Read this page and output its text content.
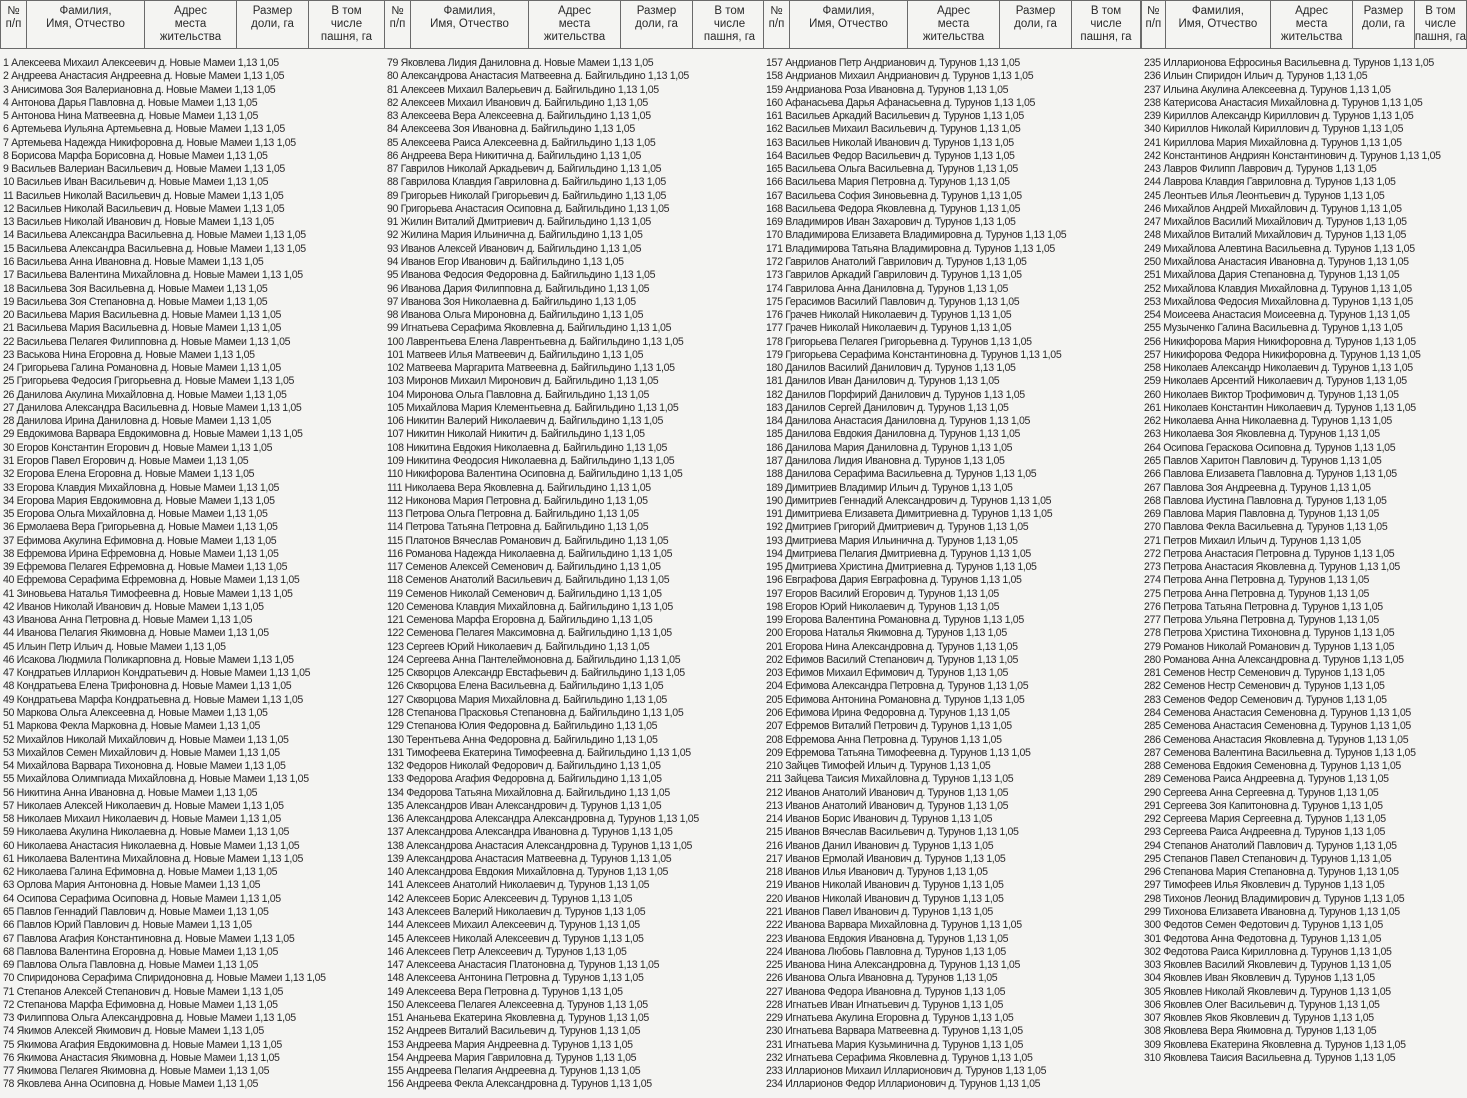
№
п/п
Фамилия,
Имя, Отчество
Адрес
места
жительства
Размер
доли, га
В том
числе
пашня, га
1 Алексеева Михаил Алексеевич д. Новые Мамеи 1,13 1,05
2 Андреева Анастасия Андреевна д. Новые Мамеи 1,13 1,05
3 Анисимова Зоя Валериановна д. Новые Мамеи 1,13 1,05
4 Антонова Дарья Павловна д. Новые Мамеи 1,13 1,05
5 Антонова Нина Матвеевна д. Новые Мамеи 1,13 1,05
6 Артемьева Иульяна Артемьевна д. Новые Мамеи 1,13 1,05
7 Артемьева Надежда Никифоровна д. Новые Мамеи 1,13 1,05
8 Борисова Марфа Борисовна д. Новые Мамеи 1,13 1,05
9 Васильев Валериан Васильевич д. Новые Мамеи 1,13 1,05
10 Васильев Иван Васильевич д. Новые Мамеи 1,13 1,05
11 Васильев Николай Васильевич д. Новые Мамеи 1,13 1,05
12 Васильев Николай Васильевич д. Новые Мамеи 1,13 1,05
13 Васильев Николай Иванович д. Новые Мамеи 1,13 1,05
14 Васильева Александра Васильевна д. Новые Мамеи 1,13 1,05
15 Васильева Александра Васильевна д. Новые Мамеи 1,13 1,05
16 Васильева Анна Ивановна д. Новые Мамеи 1,13 1,05
17 Васильева Валентина Михайловна д. Новые Мамеи 1,13 1,05
18 Васильева Зоя Васильевна д. Новые Мамеи 1,13 1,05
19 Васильева Зоя Степановна д. Новые Мамеи 1,13 1,05
20 Васильева Мария Васильевна д. Новые Мамеи 1,13 1,05
21 Васильева Мария Васильевна д. Новые Мамеи 1,13 1,05
22 Васильева Пелагея Филипповна д. Новые Мамеи 1,13 1,05
23 Васькова Нина Егоровна д. Новые Мамеи 1,13 1,05
24 Григорьева Галина Романовна д. Новые Мамеи 1,13 1,05
25 Григорьева Федосия Григорьевна д. Новые Мамеи 1,13 1,05
26 Данилова Акулина Михайловна д. Новые Мамеи 1,13 1,05
27 Данилова Александра Васильевна д. Новые Мамеи 1,13 1,05
28 Данилова Ирина Даниловна д. Новые Мамеи 1,13 1,05
29 Евдокимова Варвара Евдокимовна д. Новые Мамеи 1,13 1,05
30 Егоров Константин Егорович д. Новые Мамеи 1,13 1,05
31 Егоров Павел Егорович д. Новые Мамеи 1,13 1,05
32 Егорова Елена Егоровна д. Новые Мамеи 1,13 1,05
33 Егорова Клавдия Михайловна д. Новые Мамеи 1,13 1,05
34 Егорова Мария Евдокимовна д. Новые Мамеи 1,13 1,05
35 Егорова Ольга Михайловна д. Новые Мамеи 1,13 1,05
36 Ермолаева Вера Григорьевна д. Новые Мамеи 1,13 1,05
37 Ефимова Акулина Ефимовна д. Новые Мамеи 1,13 1,05
38 Ефремова Ирина Ефремовна д. Новые Мамеи 1,13 1,05
39 Ефремова Пелагея Ефремовна д. Новые Мамеи 1,13 1,05
40 Ефремова Серафима Ефремовна д. Новые Мамеи 1,13 1,05
41 Зиновьева Наталья Тимофеевна д. Новые Мамеи 1,13 1,05
42 Иванов Николай Иванович д. Новые Мамеи 1,13 1,05
43 Иванова Анна Петровна д. Новые Мамеи 1,13 1,05
44 Иванова Пелагия Якимовна д. Новые Мамеи 1,13 1,05
45 Ильин Петр Ильич д. Новые Мамеи 1,13 1,05
46 Исакова Людмила Поликарповна д. Новые Мамеи 1,13 1,05
47 Кондратьев Илларион Кондратьевич д. Новые Мамеи 1,13 1,05
48 Кондратьева Елена Трифоновна д. Новые Мамеи 1,13 1,05
49 Кондратьева Марфа Кондратьевна д. Новые Мамеи 1,13 1,05
50 Маркова Ольга Алексеевна д. Новые Мамеи 1,13 1,05
51 Маркова Фекла Марковна д. Новые Мамеи 1,13 1,05
52 Михайлов Николай Михайлович д. Новые Мамеи 1,13 1,05
53 Михайлов Семен Михайлович д. Новые Мамеи 1,13 1,05
54 Михайлова Варвара Тихоновна д. Новые Мамеи 1,13 1,05
55 Михайлова Олимпиада Михайловна д. Новые Мамеи 1,13 1,05
56 Никитина Анна Ивановна д. Новые Мамеи 1,13 1,05
57 Николаев Алексей Николаевич д. Новые Мамеи 1,13 1,05
58 Николаев Михаил Николаевич д. Новые Мамеи 1,13 1,05
59 Николаева Акулина Николаевна д. Новые Мамеи 1,13 1,05
60 Николаева Анастасия Николаевна д. Новые Мамеи 1,13 1,05
61 Николаева Валентина Михайловна д. Новые Мамеи 1,13 1,05
62 Николаева Галина Ефимовна д. Новые Мамеи 1,13 1,05
63 Орлова Мария Антоновна д. Новые Мамеи 1,13 1,05
64 Осипова Серафима Осиповна д. Новые Мамеи 1,13 1,05
65 Павлов Геннадий Павлович д. Новые Мамеи 1,13 1,05
66 Павлов Юрий Павлович д. Новые Мамеи 1,13 1,05
67 Павлова Агафия Константиновна д. Новые Мамеи 1,13 1,05
68 Павлова Валентина Егоровна д. Новые Мамеи 1,13 1,05
69 Павлова Ольга Павловна д. Новые Мамеи 1,13 1,05
70 Спиридонова Серафима Спиридоновна д. Новые Мамеи 1,13 1,05
71 Степанов Алексей Степанович д. Новые Мамеи 1,13 1,05
72 Степанова Марфа Ефимовна д. Новые Мамеи 1,13 1,05
73 Филиппова Ольга Александровна д. Новые Мамеи 1,13 1,05
74 Якимов Алексей Якимович д. Новые Мамеи 1,13 1,05
75 Якимова Агафия Евдокимовна д. Новые Мамеи 1,13 1,05
76 Якимова Анастасия Якимовна д. Новые Мамеи 1,13 1,05
77 Якимова Пелагея Якимовна д. Новые Мамеи 1,13 1,05
78 Яковлева Анна Осиповна д. Новые Мамеи 1,13 1,05
№
п/п
Фамилия,
Имя, Отчество
Адрес
места
жительства
Размер
доли, га
В том
числе
пашня, га
79 Яковлева Лидия Даниловна д. Новые Мамеи 1,13 1,05
80 Александрова Анастасия Матвеевна д. Байгильдино 1,13 1,05
81 Алексеев Михаил Валерьевич д. Байгильдино 1,13 1,05
82 Алексеев Михаил Иванович д. Байгильдино 1,13 1,05
83 Алексеева Вера Алексеевна д. Байгильдино 1,13 1,05
84 Алексеева Зоя Ивановна д. Байгильдино 1,13 1,05
85 Алексеева Раиса Алексеевна д. Байгильдино 1,13 1,05
86 Андреева Вера Никитична д. Байгильдино 1,13 1,05
87 Гаврилов Николай Аркадьевич д. Байгильдино 1,13 1,05
88 Гаврилова Клавдия Гавриловна д. Байгильдино 1,13 1,05
89 Григорьев Николай Григорьевич д. Байгильдино 1,13 1,05
90 Григорьева Анастасия Осиповна д. Байгильдино 1,13 1,05
91 Жилин Виталий Дмитриевич д. Байгильдино 1,13 1,05
92 Жилина Мария Ильинична д. Байгильдино 1,13 1,05
93 Иванов Алексей Иванович д. Байгильдино 1,13 1,05
94 Иванов Егор Иванович д. Байгильдино 1,13 1,05
95 Иванова Федосия Федоровна д. Байгильдино 1,13 1,05
96 Иванова Дария Филипповна д. Байгильдино 1,13 1,05
97 Иванова Зоя Николаевна д. Байгильдино 1,13 1,05
98 Иванова Ольга Мироновна д. Байгильдино 1,13 1,05
99 Игнатьева Серафима Яковлевна д. Байгильдино 1,13 1,05
100 Лаврентьева Елена Лаврентьевна д. Байгильдино 1,13 1,05
101 Матвеев Илья Матвеевич д. Байгильдино 1,13 1,05
102 Матвеева Маргарита Матвеевна д. Байгильдино 1,13 1,05
103 Миронов Михаил Миронович д. Байгильдино 1,13 1,05
104 Миронова Ольга Павловна д. Байгильдино 1,13 1,05
105 Михайлова Мария Клементьевна д. Байгильдино 1,13 1,05
106 Никитин Валерий Николаевич д. Байгильдино 1,13 1,05
107 Никитин Николай Никитич д. Байгильдино 1,13 1,05
108 Никитина Евдокия Николаевна д. Байгильдино 1,13 1,05
109 Никитина Феодосия Николаевна д. Байгильдино 1,13 1,05
110 Никифорова Валентина Осиповна д. Байгильдино 1,13 1,05
111 Николаева Вера Яковлевна д. Байгильдино 1,13 1,05
112 Никонова Мария Петровна д. Байгильдино 1,13 1,05
113 Петрова Ольга Петровна д. Байгильдино 1,13 1,05
114 Петрова Татьяна Петровна д. Байгильдино 1,13 1,05
115 Платонов Вячеслав Романович д. Байгильдино 1,13 1,05
116 Романова Надежда Николаевна д. Байгильдино 1,13 1,05
117 Семенов Алексей Семенович д. Байгильдино 1,13 1,05
118 Семенов Анатолий Васильевич д. Байгильдино 1,13 1,05
119 Семенов Николай Семенович д. Байгильдино 1,13 1,05
120 Семенова Клавдия Михайловна д. Байгильдино 1,13 1,05
121 Семенова Марфа Егоровна д. Байгильдино 1,13 1,05
122 Семенова Пелагея Максимовна д. Байгильдино 1,13 1,05
123 Сергеев Юрий Николаевич д. Байгильдино 1,13 1,05
124 Сергеева Анна Пантелеймоновна д. Байгильдино 1,13 1,05
125 Скворцов Александр Евстафьевич д. Байгильдино 1,13 1,05
126 Скворцова Елена Васильевна д. Байгильдино 1,13 1,05
127 Скворцова Мария Михайловна д. Байгильдино 1,13 1,05
128 Степанова Прасковья Степановна д. Байгильдино 1,13 1,05
129 Степанова Юлия Федоровна д. Байгильдино 1,13 1,05
130 Терентьева Анна Федоровна д. Байгильдино 1,13 1,05
131 Тимофеева Екатерина Тимофеевна д. Байгильдино 1,13 1,05
132 Федоров Николай Федорович д. Байгильдино 1,13 1,05
133 Федорова Агафия Федоровна д. Байгильдино 1,13 1,05
134 Федорова Татьяна Михайловна д. Байгильдино 1,13 1,05
135 Александров Иван Александрович д. Турунов 1,13 1,05
136 Александрова Александра Александровна д. Турунов 1,13 1,05
137 Александрова Александра Ивановна д. Турунов 1,13 1,05
138 Александрова Анастасия Александровна д. Турунов 1,13 1,05
139 Александрова Анастасия Матвеевна д. Турунов 1,13 1,05
140 Александрова Евдокия Михайловна д. Турунов 1,13 1,05
141 Алексеев Анатолий Николаевич д. Турунов 1,13 1,05
142 Алексеев Борис Алексеевич д. Турунов 1,13 1,05
143 Алексеев Валерий Николаевич д. Турунов 1,13 1,05
144 Алексеев Михаил Алексеевич д. Турунов 1,13 1,05
145 Алексеев Николай Алексеевич д. Турунов 1,13 1,05
146 Алексеев Петр Алексеевич д. Турунов 1,13 1,05
147 Алексеева Анастасия Платоновна д. Турунов 1,13 1,05
148 Алексеева Антонина Петровна д. Турунов 1,13 1,05
149 Алексеева Вера Петровна д. Турунов 1,13 1,05
150 Алексеева Пелагея Алексеевна д. Турунов 1,13 1,05
151 Ананьева Екатерина Яковлевна д. Турунов 1,13 1,05
152 Андреев Виталий Васильевич д. Турунов 1,13 1,05
153 Андреева Мария Андреевна д. Турунов 1,13 1,05
154 Андреева Мария Гавриловна д. Турунов 1,13 1,05
155 Андреева Пелагия Андреевна д. Турунов 1,13 1,05
156 Андреева Фекла Александровна д. Турунов 1,13 1,05
№
п/п
Фамилия,
Имя, Отчество
Адрес
места
жительства
Размер
доли, га
В том
числе
пашня, га
157 Андрианов Петр Андрианович д. Турунов 1,13 1,05
158 Андрианов Михаил Андрианович д. Турунов 1,13 1,05
159 Андрианова Роза Ивановна д. Турунов 1,13 1,05
160 Афанасьева Дарья Афанасьевна д. Турунов 1,13 1,05
161 Васильев Аркадий Васильевич д. Турунов 1,13 1,05
162 Васильев Михаил Васильевич д. Турунов 1,13 1,05
163 Васильев Николай Иванович д. Турунов 1,13 1,05
164 Васильев Федор Васильевич д. Турунов 1,13 1,05
165 Васильева Ольга Васильевна д. Турунов 1,13 1,05
166 Васильева Мария Петровна д. Турунов 1,13 1,05
167 Васильева София Зиновьевна д. Турунов 1,13 1,05
168 Васильева Федора Яковлевна д. Турунов 1,13 1,05
169 Владимиров Иван Захарович д. Турунов 1,13 1,05
170 Владимирова Елизавета Владимировна д. Турунов 1,13 1,05
171 Владимирова Татьяна Владимировна д. Турунов 1,13 1,05
172 Гаврилов Анатолий Гаврилович д. Турунов 1,13 1,05
173 Гаврилов Аркадий Гаврилович д. Турунов 1,13 1,05
174 Гаврилова Анна Даниловна д. Турунов 1,13 1,05
175 Герасимов Василий Павлович д. Турунов 1,13 1,05
176 Грачев Николай Николаевич д. Турунов 1,13 1,05
177 Грачев Николай Николаевич д. Турунов 1,13 1,05
178 Григорьева Пелагея Григорьевна д. Турунов 1,13 1,05
179 Григорьева Серафима Константиновна д. Турунов 1,13 1,05
180 Данилов Василий Данилович д. Турунов 1,13 1,05
181 Данилов Иван Данилович д. Турунов 1,13 1,05
182 Данилов Порфирий Данилович д. Турунов 1,13 1,05
183 Данилов Сергей Данилович д. Турунов 1,13 1,05
184 Данилова Анастасия Даниловна д. Турунов 1,13 1,05
185 Данилова Евдокия Даниловна д. Турунов 1,13 1,05
186 Данилова Мария Даниловна д. Турунов 1,13 1,05
187 Данилова Лидия Ивановна д. Турунов 1,13 1,05
188 Данилова Серафима Васильевна д. Турунов 1,13 1,05
189 Димитриев Владимир Ильич д. Турунов 1,13 1,05
190 Димитриев Геннадий Александрович д. Турунов 1,13 1,05
191 Димитриева Елизавета Димитриевна д. Турунов 1,13 1,05
192 Дмитриев Григорий Дмитриевич д. Турунов 1,13 1,05
193 Дмитриева Мария Ильинична д. Турунов 1,13 1,05
194 Дмитриева Пелагия Дмитриевна д. Турунов 1,13 1,05
195 Дмитриева Христина Дмитриевна д. Турунов 1,13 1,05
196 Евграфова Дария Евграфовна д. Турунов 1,13 1,05
197 Егоров Василий Егорович д. Турунов 1,13 1,05
198 Егоров Юрий Николаевич д. Турунов 1,13 1,05
199 Егорова Валентина Романовна д. Турунов 1,13 1,05
200 Егорова Наталья Якимовна д. Турунов 1,13 1,05
201 Егорова Нина Александровна д. Турунов 1,13 1,05
202 Ефимов Василий Степанович д. Турунов 1,13 1,05
203 Ефимов Михаил Ефимович д. Турунов 1,13 1,05
204 Ефимова Александра Петровна д. Турунов 1,13 1,05
205 Ефимова Антонина Романовна д. Турунов 1,13 1,05
206 Ефимова Ирина Федоровна д. Турунов 1,13 1,05
207 Ефремов Виталий Петрович д. Турунов 1,13 1,05
208 Ефремова Анна Петровна д. Турунов 1,13 1,05
209 Ефремова Татьяна Тимофеевна д. Турунов 1,13 1,05
210 Зайцев Тимофей Ильич д. Турунов 1,13 1,05
211 Зайцева Таисия Михайловна д. Турунов 1,13 1,05
212 Иванов Анатолий Иванович д. Турунов 1,13 1,05
213 Иванов Анатолий Иванович д. Турунов 1,13 1,05
214 Иванов Борис Иванович д. Турунов 1,13 1,05
215 Иванов Вячеслав Васильевич д. Турунов 1,13 1,05
216 Иванов Данил Иванович д. Турунов 1,13 1,05
217 Иванов Ермолай Иванович д. Турунов 1,13 1,05
218 Иванов Илья Иванович д. Турунов 1,13 1,05
219 Иванов Николай Иванович д. Турунов 1,13 1,05
220 Иванов Николай Иванович д. Турунов 1,13 1,05
221 Иванов Павел Иванович д. Турунов 1,13 1,05
222 Иванова Варвара Михайловна д. Турунов 1,13 1,05
223 Иванова Евдокия Ивановна д. Турунов 1,13 1,05
224 Иванова Любовь Павловна д. Турунов 1,13 1,05
225 Иванова Нина Александровна д. Турунов 1,13 1,05
226 Иванова Ольга Ивановна д. Турунов 1,13 1,05
227 Иванова Федора Ивановна д. Турунов 1,13 1,05
228 Игнатьев Иван Игнатьевич д. Турунов 1,13 1,05
229 Игнатьева Акулина Егоровна д. Турунов 1,13 1,05
230 Игнатьева Варвара Матвеевна д. Турунов 1,13 1,05
231 Игнатьева Мария Кузьминична д. Турунов 1,13 1,05
232 Игнатьева Серафима Яковлевна д. Турунов 1,13 1,05
233 Илларионов Михаил Илларионович д. Турунов 1,13 1,05
234 Илларионов Федор Илларионович д. Турунов 1,13 1,05
№
п/п
Фамилия,
Имя, Отчество
Адрес
места
жительства
Размер
доли, га
В том
числе
пашня, га
235 Илларионова Ефросинья Васильевна д. Турунов 1,13 1,05
236 Ильин Спиридон Ильич д. Турунов 1,13 1,05
237 Ильина Акулина Алексеевна д. Турунов 1,13 1,05
238 Катерисова Анастасия Михайловна д. Турунов 1,13 1,05
239 Кириллов Александр Кириллович д. Турунов 1,13 1,05
340 Кириллов Николай Кириллович д. Турунов 1,13 1,05
241 Кириллова Мария Михайловна д. Турунов 1,13 1,05
242 Константинов Андриян Константинович д. Турунов 1,13 1,05
243 Лавров Филипп Лаврович д. Турунов 1,13 1,05
244 Лаврова Клавдия Гавриловна д. Турунов 1,13 1,05
245 Леонтьев Илья Леонтьевич д. Турунов 1,13 1,05
246 Михайлов Андрей Михайлович д. Турунов 1,13 1,05
247 Михайлов Василий Михайлович д. Турунов 1,13 1,05
248 Михайлов Виталий Михайлович д. Турунов 1,13 1,05
249 Михайлова Алевтина Васильевна д. Турунов 1,13 1,05
250 Михайлова Анастасия Ивановна д. Турунов 1,13 1,05
251 Михайлова Дария Степановна д. Турунов 1,13 1,05
252 Михайлова Клавдия Михайловна д. Турунов 1,13 1,05
253 Михайлова Федосия Михайловна д. Турунов 1,13 1,05
254 Моисеева Анастасия Моисеевна д. Турунов 1,13 1,05
255 Музыченко Галина Васильевна д. Турунов 1,13 1,05
256 Никифорова Мария Никифоровна д. Турунов 1,13 1,05
257 Никифорова Федора Никифоровна д. Турунов 1,13 1,05
258 Николаев Александр Николаевич д. Турунов 1,13 1,05
259 Николаев Арсентий Николаевич д. Турунов 1,13 1,05
260 Николаев Виктор Трофимович д. Турунов 1,13 1,05
261 Николаев Константин Николаевич д. Турунов 1,13 1,05
262 Николаева Анна Николаевна д. Турунов 1,13 1,05
263 Николаева Зоя Яковлевна д. Турунов 1,13 1,05
264 Осипова Гераскова Осиповна д. Турунов 1,13 1,05
265 Павлов Харитон Павлович д. Турунов 1,13 1,05
266 Павлова Елизавета Павловна д. Турунов 1,13 1,05
267 Павлова Зоя Андреевна д. Турунов 1,13 1,05
268 Павлова Иустина Павловна д. Турунов 1,13 1,05
269 Павлова Мария Павловна д. Турунов 1,13 1,05
270 Павлова Фекла Васильевна д. Турунов 1,13 1,05
271 Петров Михаил Ильич д. Турунов 1,13 1,05
272 Петрова Анастасия Петровна д. Турунов 1,13 1,05
273 Петрова Анастасия Яковлевна д. Турунов 1,13 1,05
274 Петрова Анна Петровна д. Турунов 1,13 1,05
275 Петрова Анна Петровна д. Турунов 1,13 1,05
276 Петрова Татьяна Петровна д. Турунов 1,13 1,05
277 Петрова Ульяна Петровна д. Турунов 1,13 1,05
278 Петрова Христина Тихоновна д. Турунов 1,13 1,05
279 Романов Николай Романович д. Турунов 1,13 1,05
280 Романова Анна Александровна д. Турунов 1,13 1,05
281 Семенов Нестр Семенович д. Турунов 1,13 1,05
282 Семенов Нестр Семенович д. Турунов 1,13 1,05
283 Семенов Федор Семенович д. Турунов 1,13 1,05
284 Семенова Анастасия Семеновна д. Турунов 1,13 1,05
285 Семенова Анастасия Семеновна д. Турунов 1,13 1,05
286 Семенова Анастасия Яковлевна д. Турунов 1,13 1,05
287 Семенова Валентина Васильевна д. Турунов 1,13 1,05
288 Семенова Евдокия Семеновна д. Турунов 1,13 1,05
289 Семенова Раиса Андреевна д. Турунов 1,13 1,05
290 Сергеева Анна Сергеевна д. Турунов 1,13 1,05
291 Сергеева Зоя Капитоновна д. Турунов 1,13 1,05
292 Сергеева Мария Сергеевна д. Турунов 1,13 1,05
293 Сергеева Раиса Андреевна д. Турунов 1,13 1,05
294 Степанов Анатолий Павлович д. Турунов 1,13 1,05
295 Степанов Павел Степанович д. Турунов 1,13 1,05
296 Степанова Мария Степановна д. Турунов 1,13 1,05
297 Тимофеев Илья Яковлевич д. Турунов 1,13 1,05
298 Тихонов Леонид Владимирович д. Турунов 1,13 1,05
299 Тихонова Елизавета Ивановна д. Турунов 1,13 1,05
300 Федотов Семен Федотович д. Турунов 1,13 1,05
301 Федотова Анна Федотовна д. Турунов 1,13 1,05
302 Федотова Раиса Кирилловна д. Турунов 1,13 1,05
303 Яковлев Василий Яковлевич д. Турунов 1,13 1,05
304 Яковлев Иван Яковлевич д. Турунов 1,13 1,05
305 Яковлев Николай Яковлевич д. Турунов 1,13 1,05
306 Яковлев Олег Васильевич д. Турунов 1,13 1,05
307 Яковлев Яков Яковлевич д. Турунов 1,13 1,05
308 Яковлева Вера Якимовна д. Турунов 1,13 1,05
309 Яковлева Екатерина Яковлевна д. Турунов 1,13 1,05
310 Яковлева Таисия Васильевна д. Турунов 1,13 1,05
